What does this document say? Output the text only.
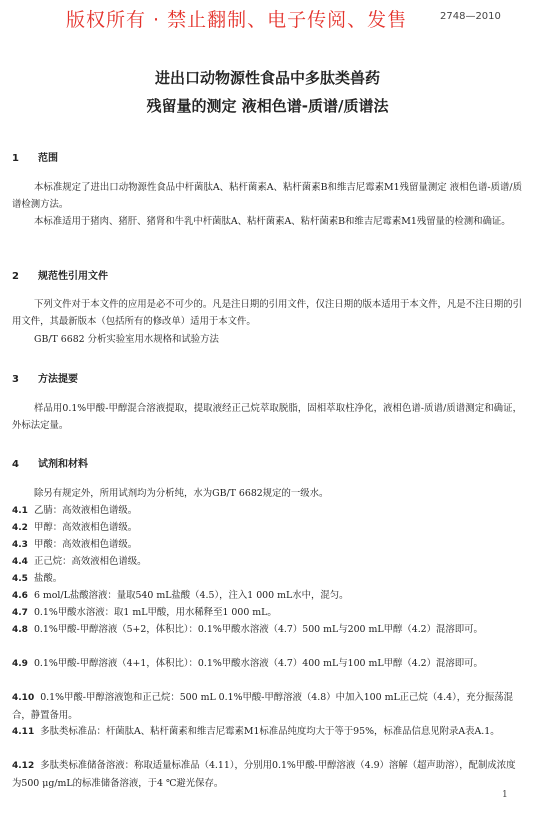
版权所有 · 禁止翻制、电子传阅、发售	2748—2010
进出口动物源性食品中多肽类兽药
残留量的测定 液相色谱-质谱/质谱法
1 范围
本标准规定了进出口动物源性食品中杆菌肽A、粘杆菌素A、粘杆菌素B和维吉尼霉素M1残留量测定 液相色谱-质谱/质谱检测方法。
本标准适用于猪肉、猪肝、猪肾和牛乳中杆菌肽A、粘杆菌素A、粘杆菌素B和维吉尼霉素M1残留量的检测和确证。
2 规范性引用文件
下列文件对于本文件的应用是必不可少的。凡是注日期的引用文件，仅注日期的版本适用于本文件，凡是不注日期的引用文件，其最新版本（包括所有的修改单）适用于本文件。
GB/T 6682 分析实验室用水规格和试验方法
3 方法提要
样品用0.1%甲酸-甲醇混合溶液提取，提取液经正己烷萃取脱脂，固相萃取柱净化，液相色谱-质谱/质谱测定和确证，外标法定量。
4 试剂和材料
除另有规定外，所用试剂均为分析纯，水为GB/T 6682规定的一级水。
4.1 乙腈：高效液相色谱级。
4.2 甲醇：高效液相色谱级。
4.3 甲酸：高效液相色谱级。
4.4 正己烷：高效液相色谱级。
4.5 盐酸。
4.6 6 mol/L盐酸溶液：量取540 mL盐酸（4.5），注入1 000 mL水中，混匀。
4.7 0.1%甲酸水溶液：取1 mL甲酸，用水稀释至1 000 mL。
4.8 0.1%甲酸-甲醇溶液（5+2，体积比）：0.1%甲酸水溶液（4.7）500 mL与200 mL甲醇（4.2）混溶即可。
4.9 0.1%甲酸-甲醇溶液（4+1，体积比）：0.1%甲酸水溶液（4.7）400 mL与100 mL甲醇（4.2）混溶即可。
4.10 0.1%甲酸-甲醇溶液饱和正己烷：500 mL 0.1%甲酸-甲醇溶液（4.8）中加入100 mL正己烷（4.4），充分振荡混合，静置备用。
4.11 多肽类标准品：杆菌肽A、粘杆菌素和维吉尼霉素M1标准品纯度均大于等于95%，标准品信息见附录A表A.1。
4.12 多肽类标准储备溶液：称取适量标准品（4.11），分别用0.1%甲酸-甲醇溶液（4.9）溶解（超声助溶），配制成浓度为500 μg/mL的标准储备溶液，于4 ℃避光保存。
1
